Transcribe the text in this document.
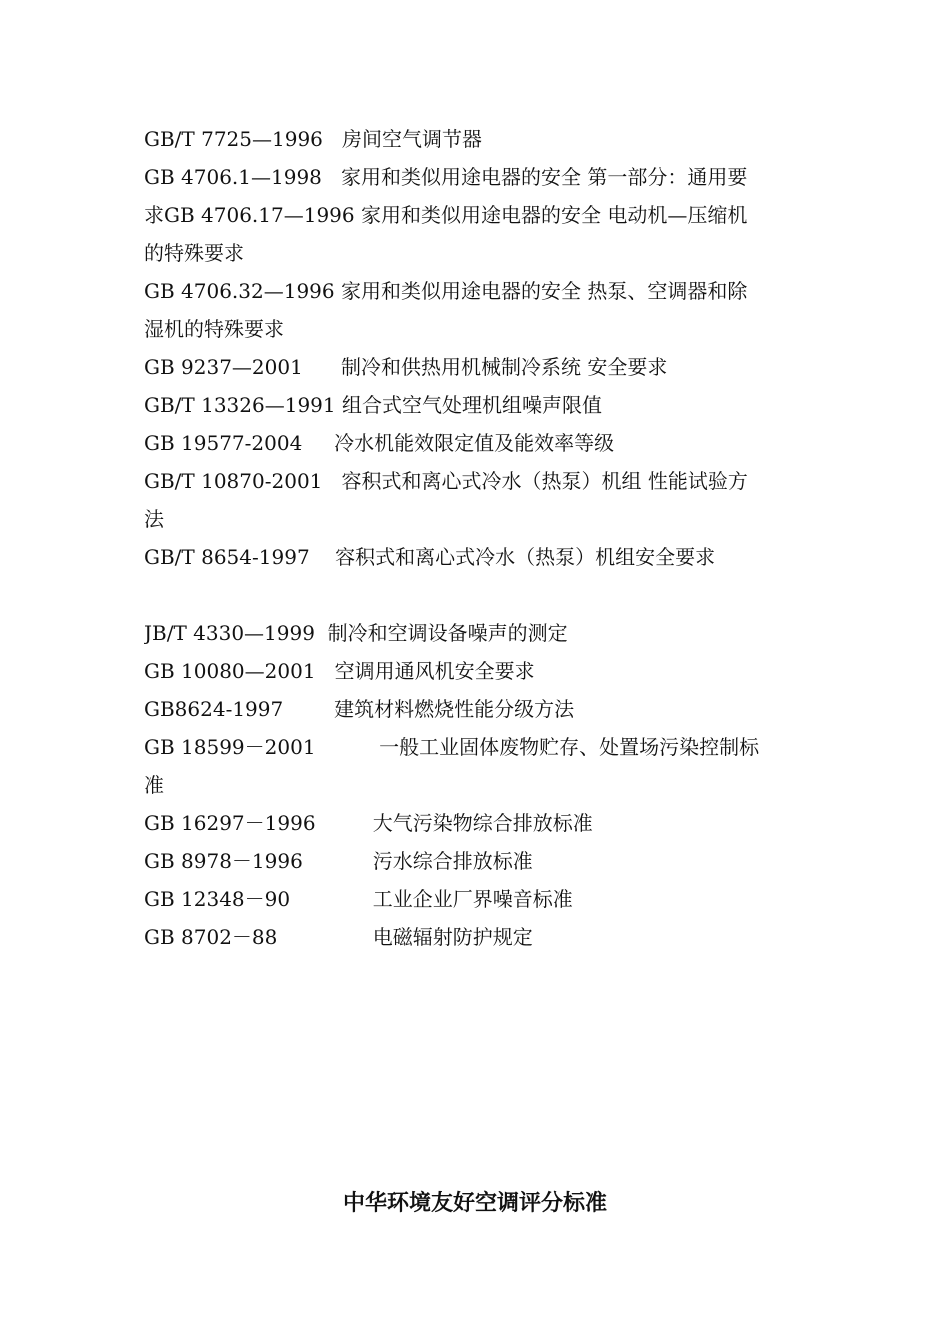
GB/T 7725—1996   房间空气调节器
GB 4706.1—1998   家用和类似用途电器的安全 第一部分：通用要
求GB 4706.17—1996 家用和类似用途电器的安全 电动机—压缩机
的特殊要求
GB 4706.32—1996 家用和类似用途电器的安全 热泵、空调器和除
湿机的特殊要求
GB 9237—2001      制冷和供热用机械制冷系统 安全要求
GB/T 13326—1991 组合式空气处理机组噪声限值
GB 19577-2004     冷水机能效限定值及能效率等级
GB/T 10870-2001   容积式和离心式冷水（热泵）机组 性能试验方
法
GB/T 8654-1997    容积式和离心式冷水（热泵）机组安全要求
JB/T 4330—1999  制冷和空调设备噪声的测定
GB 10080—2001   空调用通风机安全要求
GB8624-1997        建筑材料燃烧性能分级方法
GB 18599－2001          一般工业固体废物贮存、处置场污染控制标
准
GB 16297－1996         大气污染物综合排放标准
GB 8978－1996           污水综合排放标准
GB 12348－90             工业企业厂界噪音标准
GB 8702－88               电磁辐射防护规定
中华环境友好空调评分标准
